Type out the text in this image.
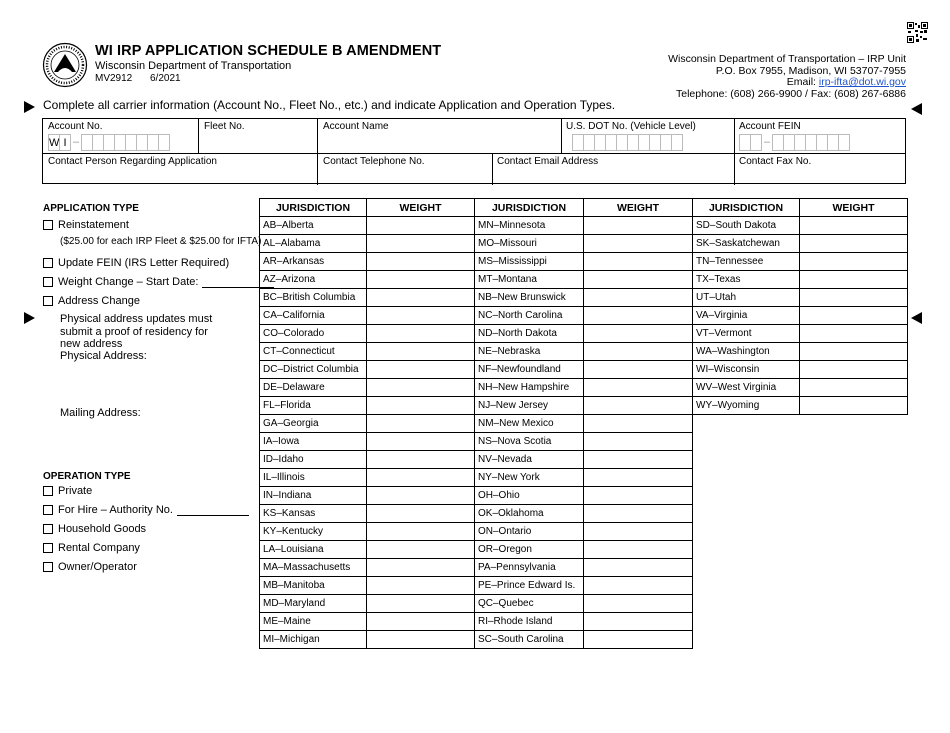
WI IRP APPLICATION SCHEDULE B AMENDMENT
Wisconsin Department of Transportation
MV2912 6/2021
Wisconsin Department of Transportation – IRP Unit
P.O. Box 7955, Madison, WI 53707-7955
Email: irp-ifta@dot.wi.gov
Telephone: (608) 266-9900 / Fax: (608) 267-6886
Complete all carrier information (Account No., Fleet No., etc.) and indicate Application and Operation Types.
Account No.
W I –
Fleet No.	Account Name	U.S. DOT No. (Vehicle Level)	Account FEIN
–
Contact Person Regarding Application	Contact Telephone No.	Contact Email Address	Contact Fax No.
APPLICATION TYPE
Reinstatement
($25.00 for each IRP Fleet & $25.00 for IFTA)
Update FEIN (IRS Letter Required)
Weight Change – Start Date:
Address Change
Physical address updates must
submit a proof of residency for
new address
Physical Address:
Mailing Address:
OPERATION TYPE
Private
For Hire – Authority No.
Household Goods
Rental Company
Owner/Operator
JURISDICTION	WEIGHT	JURISDICTION	WEIGHT	JURISDICTION	WEIGHT
AB–Alberta		MN–Minnesota		SD–South Dakota	
AL–Alabama		MO–Missouri		SK–Saskatchewan	
AR–Arkansas		MS–Mississippi		TN–Tennessee	
AZ–Arizona		MT–Montana		TX–Texas	
BC–British Columbia		NB–New Brunswick		UT–Utah	
CA–California		NC–North Carolina		VA–Virginia	
CO–Colorado		ND–North Dakota		VT–Vermont	
CT–Connecticut		NE–Nebraska		WA–Washington	
DC–District Columbia		NF–Newfoundland		WI–Wisconsin	
DE–Delaware		NH–New Hampshire		WV–West Virginia	
FL–Florida		NJ–New Jersey		WY–Wyoming	
GA–Georgia		NM–New Mexico			
IA–Iowa		NS–Nova Scotia			
ID–Idaho		NV–Nevada			
IL–Illinois		NY–New York			
IN–Indiana		OH–Ohio			
KS–Kansas		OK–Oklahoma			
KY–Kentucky		ON–Ontario			
LA–Louisiana		OR–Oregon			
MA–Massachusetts		PA–Pennsylvania			
MB–Manitoba		PE–Prince Edward Is.			
MD–Maryland		QC–Quebec			
ME–Maine		RI–Rhode Island			
MI–Michigan		SC–South Carolina			
